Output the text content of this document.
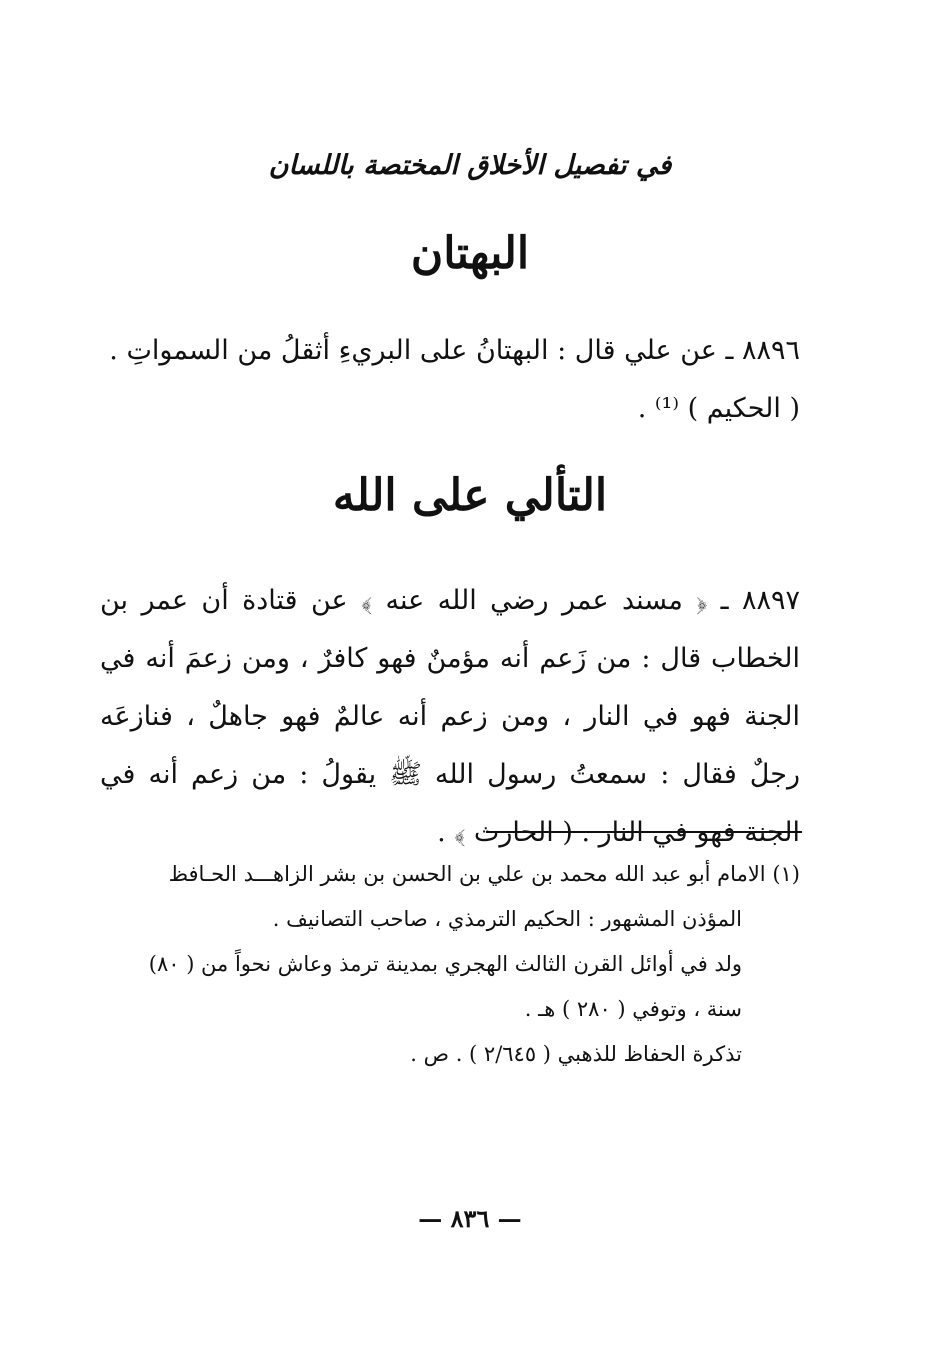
في تفصيل الأخلاق المختصة باللسان
البهتان
٨٨٩٦ ـ عن علي قال : البهتانُ على البريءِ أثقلُ من السمواتِ .
( الحكيم ) ⁽¹⁾ .
التألي على الله
٨٨٩٧ ـ ﴿ مسند عمر رضي الله عنه ﴾ عن قتادة أن عمر بن الخطاب قال : من زَعم أنه مؤمنٌ فهو كافرٌ ، ومن زعمَ أنه في الجنة فهو في النار ، ومن زعم أنه عالمٌ فهو جاهلٌ ، فنازعَه رجلٌ فقال : سمعتُ رسول الله ﷺ يقولُ : من زعم أنه في الجنة فهو في النار . ( الحارث ﴾ .
(١) الامام أبو عبد الله محمد بن علي بن الحسن بن بشر الزاهـــد الحـافظ
المؤذن المشهور : الحكيم الترمذي ، صاحب التصانيف .
ولد في أوائل القرن الثالث الهجري بمدينة ترمذ وعاش نحواً من ( ٨٠)
سنة ، وتوفي ( ٢٨٠ ) هـ .
تذكرة الحفاظ للذهبي ( ٢/٦٤٥ ) . ص .
— ٨٣٦ —
